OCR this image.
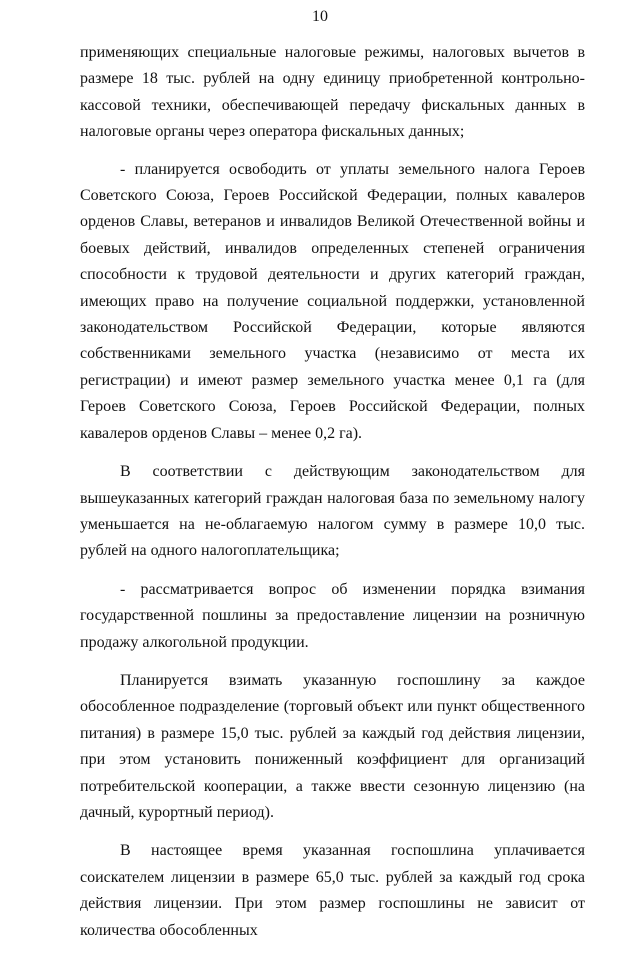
10

применяющих специальные налоговые режимы, налоговых вычетов в размере 18 тыс. рублей на одну единицу приобретенной контрольно-кассовой техники, обеспечивающей передачу фискальных данных в налоговые органы через оператора фискальных данных;

- планируется освободить от уплаты земельного налога Героев Советского Союза, Героев Российской Федерации, полных кавалеров орденов Славы, ветеранов и инвалидов Великой Отечественной войны и боевых действий, инвалидов определенных степеней ограничения способности к трудовой деятельности и других категорий граждан, имеющих право на получение социальной поддержки, установленной законодательством Российской Федерации, которые являются собственниками земельного участка (независимо от места их регистрации) и имеют размер земельного участка менее 0,1 га (для Героев Советского Союза, Героев Российской Федерации, полных кавалеров орденов Славы – менее 0,2 га).

В соответствии с действующим законодательством для вышеуказанных категорий граждан налоговая база по земельному налогу уменьшается на не-облагаемую налогом сумму в размере 10,0 тыс. рублей на одного налогоплательщика;

- рассматривается вопрос об изменении порядка взимания государственной пошлины за предоставление лицензии на розничную продажу алкогольной продукции.

Планируется взимать указанную госпошлину за каждое обособленное подразделение (торговый объект или пункт общественного питания) в размере 15,0 тыс. рублей за каждый год действия лицензии, при этом установить пониженный коэффициент для организаций потребительской кооперации, а также ввести сезонную лицензию (на дачный, курортный период).

В настоящее время указанная госпошлина уплачивается соискателем лицензии в размере 65,0 тыс. рублей за каждый год срока действия лицензии. При этом размер госпошлины не зависит от количества обособленных
